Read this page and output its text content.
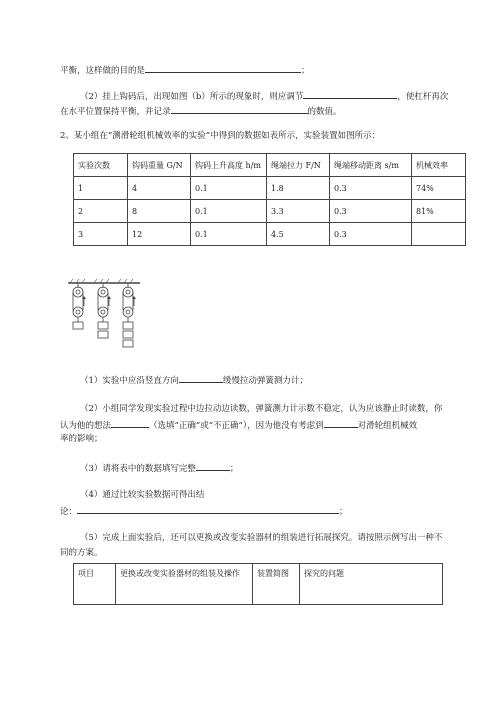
平衡，这样做的目的是	；
（2）挂上钩码后，出现如图（b）所示的现象时，则应调节	，使杠杆再次
在水平位置保持平衡，并记录	的数值。
2、某小组在“测滑轮组机械效率的实验”中得到的数据如表所示，实验装置如图所示：
实验次数	钩码重量 G/N	钩码上升高度 h/m	绳端拉力 F/N	绳端移动距离 s/m	机械效率
1	4	0.1	1.8	0.3	74%
2	8	0.1	3.3	0.3	81%
3	12	0.1	4.5	0.3	
（1）实验中应沿竖直方向	缓慢拉动弹簧测力计；
（2）小组同学发现实验过程中边拉动边读数，弹簧测力计示数不稳定，认为应该静止时读数，你
认为他的想法	（选填“正确”或“不正确”），因为他没有考虑到	对滑轮组机械效
率的影响；
（3）请将表中的数据填写完整	；
（4）通过比较实验数据可得出结
论：	；
（5）完成上面实验后，还可以更换或改变实验器材的组装进行拓展探究。请按照示例写出一种不
同的方案。
项目	更换或改变实验器材的组装及操作	装置简图	探究的问题
